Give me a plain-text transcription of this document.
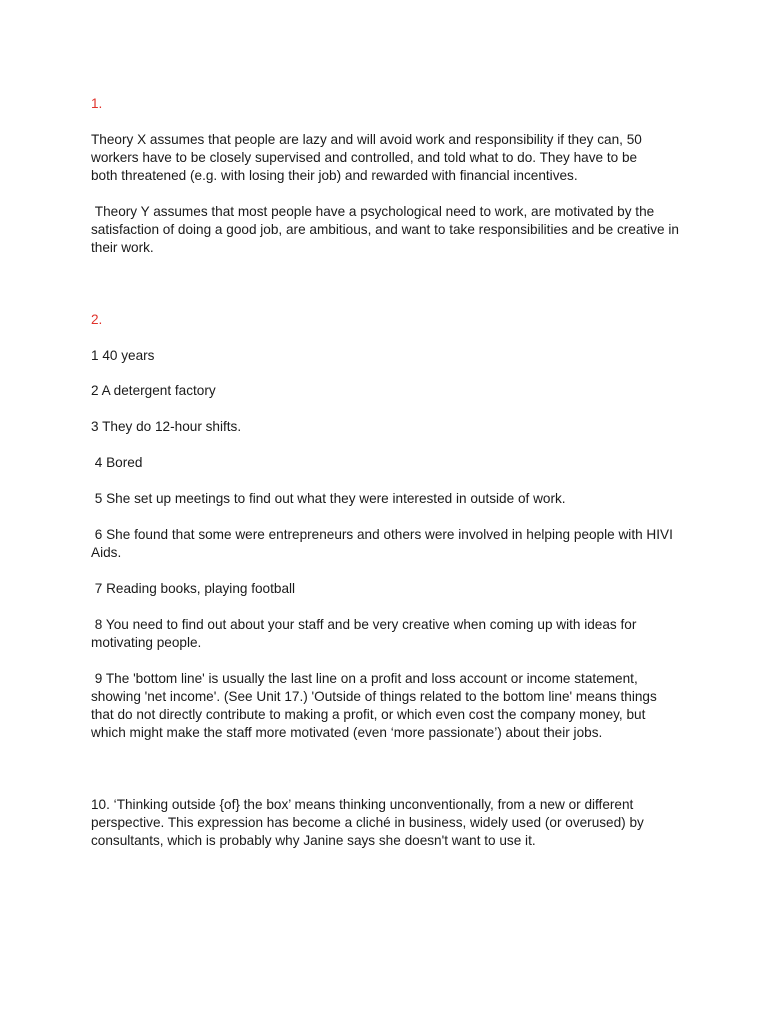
1.

Theory X assumes that people are lazy and will avoid work and responsibility if they can, 50 workers have to be closely supervised and controlled, and told what to do. They have to be both threatened (e.g. with losing their job) and rewarded with financial incentives.

Theory Y assumes that most people have a psychological need to work, are motivated by the satisfaction of doing a good job, are ambitious, and want to take responsibilities and be creative in their work.

2.

1 40 years

2 A detergent factory

3 They do 12-hour shifts.

4 Bored

5 She set up meetings to find out what they were interested in outside of work.

6 She found that some were entrepreneurs and others were involved in helping people with HIVI Aids.

7 Reading books, playing football

8 You need to find out about your staff and be very creative when coming up with ideas for motivating people.

9 The 'bottom line' is usually the last line on a profit and loss account or income statement, showing 'net income'. (See Unit 17.) 'Outside of things related to the bottom line' means things that do not directly contribute to making a profit, or which even cost the company money, but which might make the staff more motivated (even ‘more passionate’) about their jobs.

10. ‘Thinking outside {of} the box’ means thinking unconventionally, from a new or different perspective. This expression has become a cliché in business, widely used (or overused) by consultants, which is probably why Janine says she doesn't want to use it.
